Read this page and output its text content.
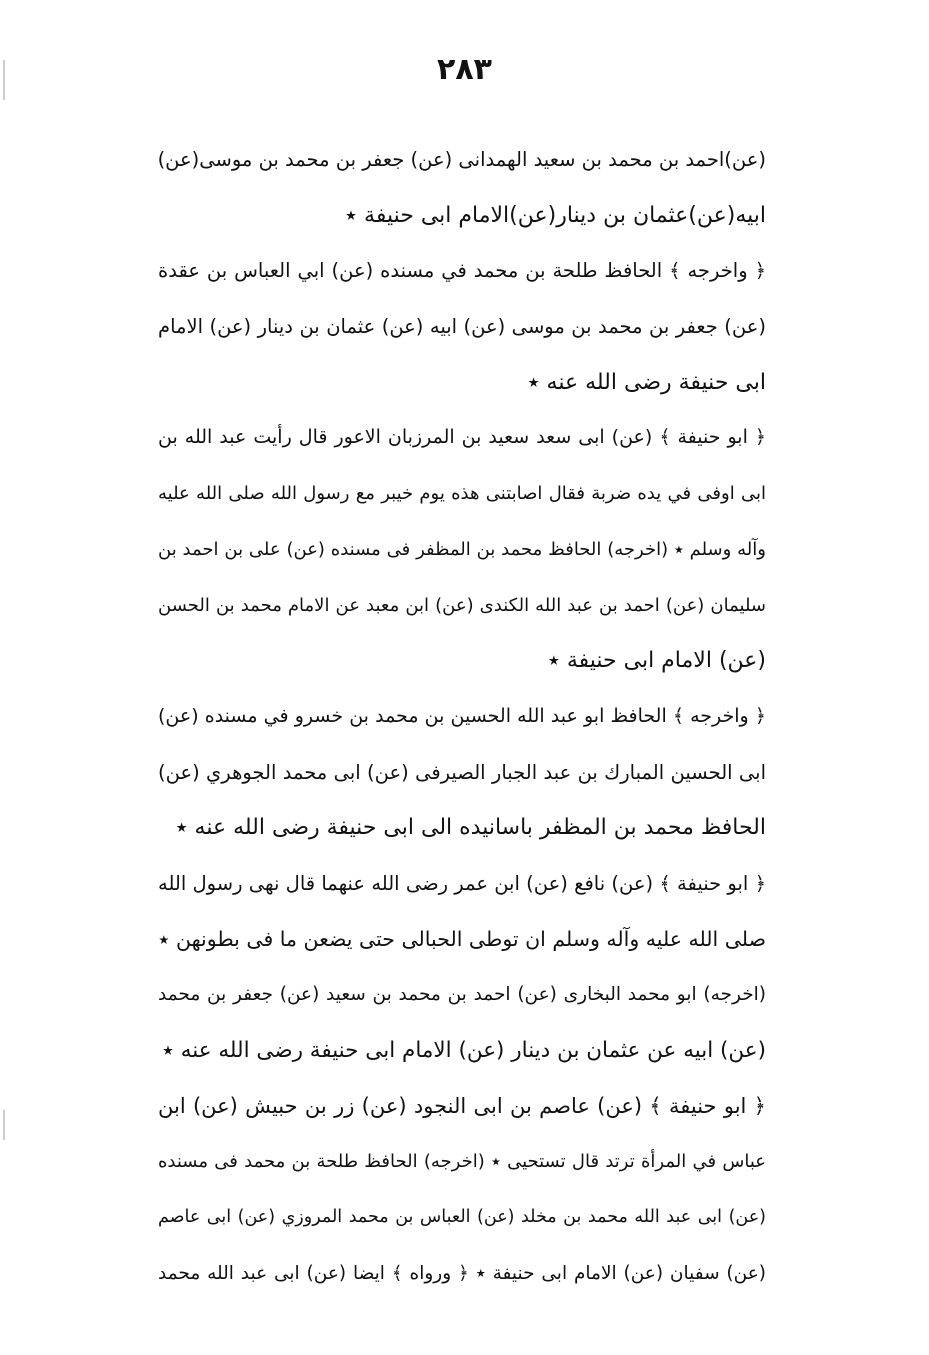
٢٨٣
(عن)احمد بن محمد بن سعيد الهمدانى (عن) جعفر بن محمد بن موسى(عن)
ابيه(عن)عثمان بن دينار(عن)الامام ابى حنيفة ٭
﴿ واخرجه ﴾ الحافظ طلحة بن محمد في مسنده (عن) ابي العباس بن عقدة
(عن) جعفر بن محمد بن موسى (عن) ابيه (عن) عثمان بن دينار (عن) الامام
ابى حنيفة رضى الله عنه ٭
﴿ ابو حنيفة ﴾ (عن) ابى سعد سعيد بن المرزبان الاعور قال رأيت عبد الله بن
ابى اوفى في يده ضربة فقال اصابتنى هذه يوم خيبر مع رسول الله صلى الله عليه
وآله وسلم ٭ (اخرجه) الحافظ محمد بن المظفر فى مسنده (عن) على بن احمد بن
سليمان (عن) احمد بن عبد الله الكندى (عن) ابن معبد عن الامام محمد بن الحسن
(عن) الامام ابى حنيفة ٭
﴿ واخرجه ﴾ الحافظ ابو عبد الله الحسين بن محمد بن خسرو في مسنده (عن)
ابى الحسين المبارك بن عبد الجبار الصيرفى (عن) ابى محمد الجوهري (عن)
الحافظ محمد بن المظفر باسانيده الى ابى حنيفة رضى الله عنه ٭
﴿ ابو حنيفة ﴾ (عن) نافع (عن) ابن عمر رضى الله عنهما قال نهى رسول الله
صلى الله عليه وآله وسلم ان توطى الحبالى حتى يضعن ما فى بطونهن ٭
(اخرجه) ابو محمد البخارى (عن) احمد بن محمد بن سعيد (عن) جعفر بن محمد
(عن) ابيه عن عثمان بن دينار (عن) الامام ابى حنيفة رضى الله عنه ٭
﴿ ابو حنيفة ﴾ (عن) عاصم بن ابى النجود (عن) زر بن حبيش (عن) ابن
عباس في المرأة ترتد قال تستحيى ٭ (اخرجه) الحافظ طلحة بن محمد فى مسنده
(عن) ابى عبد الله محمد بن مخلد (عن) العباس بن محمد المروزي (عن) ابى عاصم
(عن) سفيان (عن) الامام ابى حنيفة ٭ ﴿ ورواه ﴾ ايضا (عن) ابى عبد الله محمد
